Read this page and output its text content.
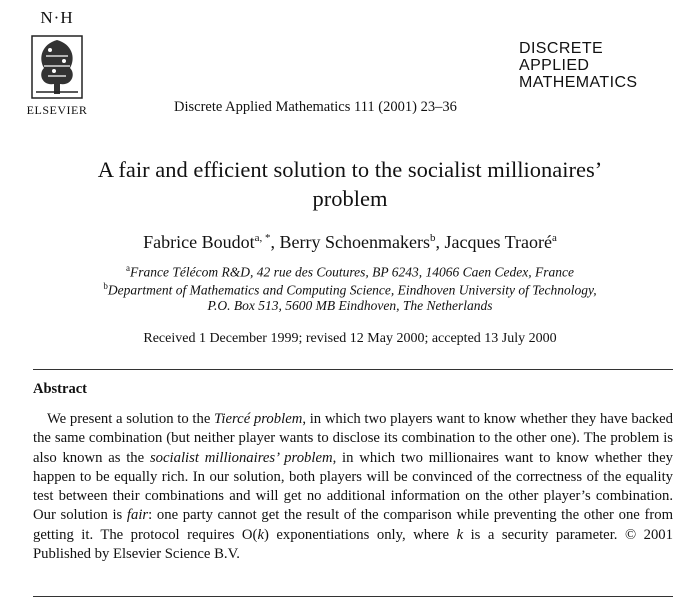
N·H
ELSEVIER	Discrete Applied Mathematics 111 (2001) 23–36
DISCRETE
APPLIED
MATHEMATICS
A fair and efficient solution to the socialist millionaires’
problem
Fabrice Boudot$^{a, *}$, Berry Schoenmakers$^b$, Jacques Traoré$^a$
$^a$France Télécom R&D, 42 rue des Coutures, BP 6243, 14066 Caen Cedex, France
$^b$Department of Mathematics and Computing Science, Eindhoven University of Technology,
P.O. Box 513, 5600 MB Eindhoven, The Netherlands
Received 1 December 1999; revised 12 May 2000; accepted 13 July 2000
Abstract
We present a solution to the Tiercé problem, in which two players want to know whether they have backed the same combination (but neither player wants to disclose its combination to the other one). The problem is also known as the socialist millionaires’ problem, in which two millionaires want to know whether they happen to be equally rich. In our solution, both players will be convinced of the correctness of the equality test between their combinations and will get no additional information on the other player’s combination. Our solution is fair: one party cannot get the result of the comparison while preventing the other one from getting it. The protocol requires O(k) exponentiations only, where k is a security parameter. © 2001 Published by Elsevier Science B.V.
